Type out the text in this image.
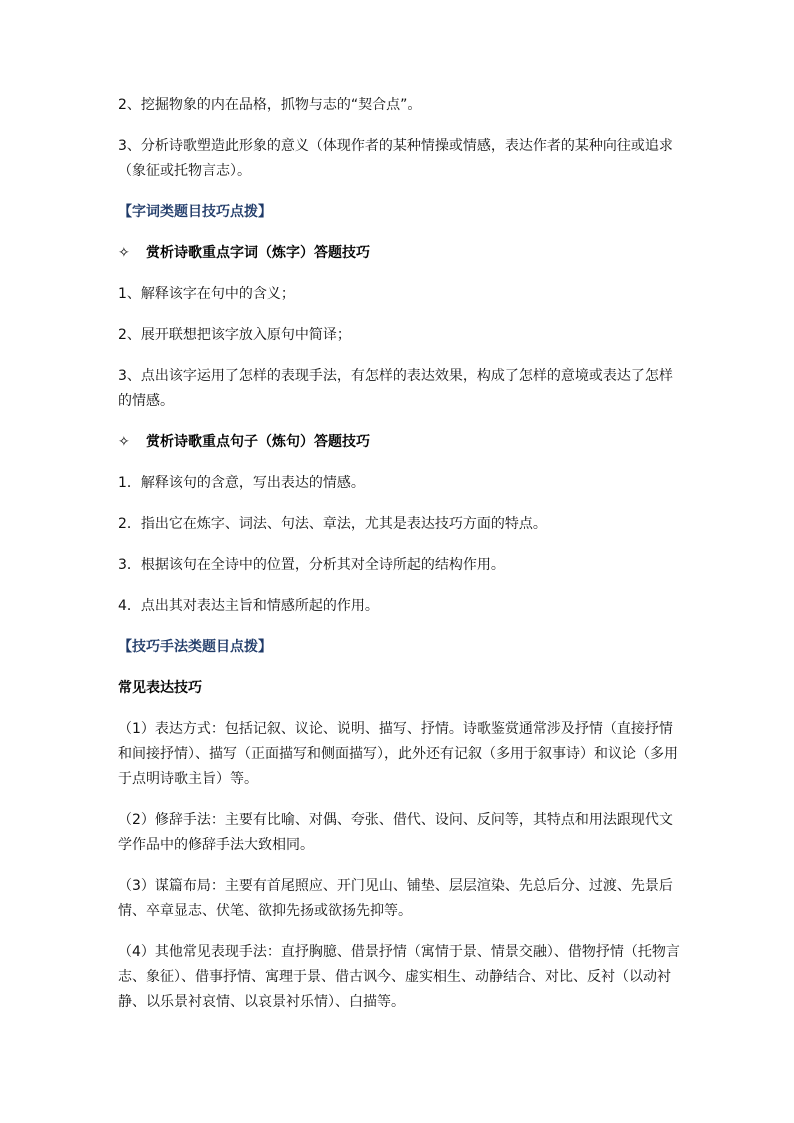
2、挖掘物象的内在品格，抓物与志的“契合点”。

3、分析诗歌塑造此形象的意义（体现作者的某种情操或情感，表达作者的某种向往或追求（象征或托物言志）。

【字词类题目技巧点拨】
✧	赏析诗歌重点字词（炼字）答题技巧

1、解释该字在句中的含义；

2、展开联想把该字放入原句中简译；

3、点出该字运用了怎样的表现手法，有怎样的表达效果，构成了怎样的意境或表达了怎样的情感。

✧	赏析诗歌重点句子（炼句）答题技巧

1．解释该句的含意，写出表达的情感。

2．指出它在炼字、词法、句法、章法，尤其是表达技巧方面的特点。

3．根据该句在全诗中的位置，分析其对全诗所起的结构作用。

4．点出其对表达主旨和情感所起的作用。

【技巧手法类题目点拨】
常见表达技巧

（1）表达方式：包括记叙、议论、说明、描写、抒情。诗歌鉴赏通常涉及抒情（直接抒情和间接抒情）、描写（正面描写和侧面描写），此外还有记叙（多用于叙事诗）和议论（多用于点明诗歌主旨）等。

（2）修辞手法：主要有比喻、对偶、夸张、借代、设问、反问等，其特点和用法跟现代文学作品中的修辞手法大致相同。

（3）谋篇布局：主要有首尾照应、开门见山、铺垫、层层渲染、先总后分、过渡、先景后情、卒章显志、伏笔、欲抑先扬或欲扬先抑等。

（4）其他常见表现手法：直抒胸臆、借景抒情（寓情于景、情景交融）、借物抒情（托物言志、象征）、借事抒情、寓理于景、借古讽今、虚实相生、动静结合、对比、反衬（以动衬静、以乐景衬哀情、以哀景衬乐情）、白描等。
